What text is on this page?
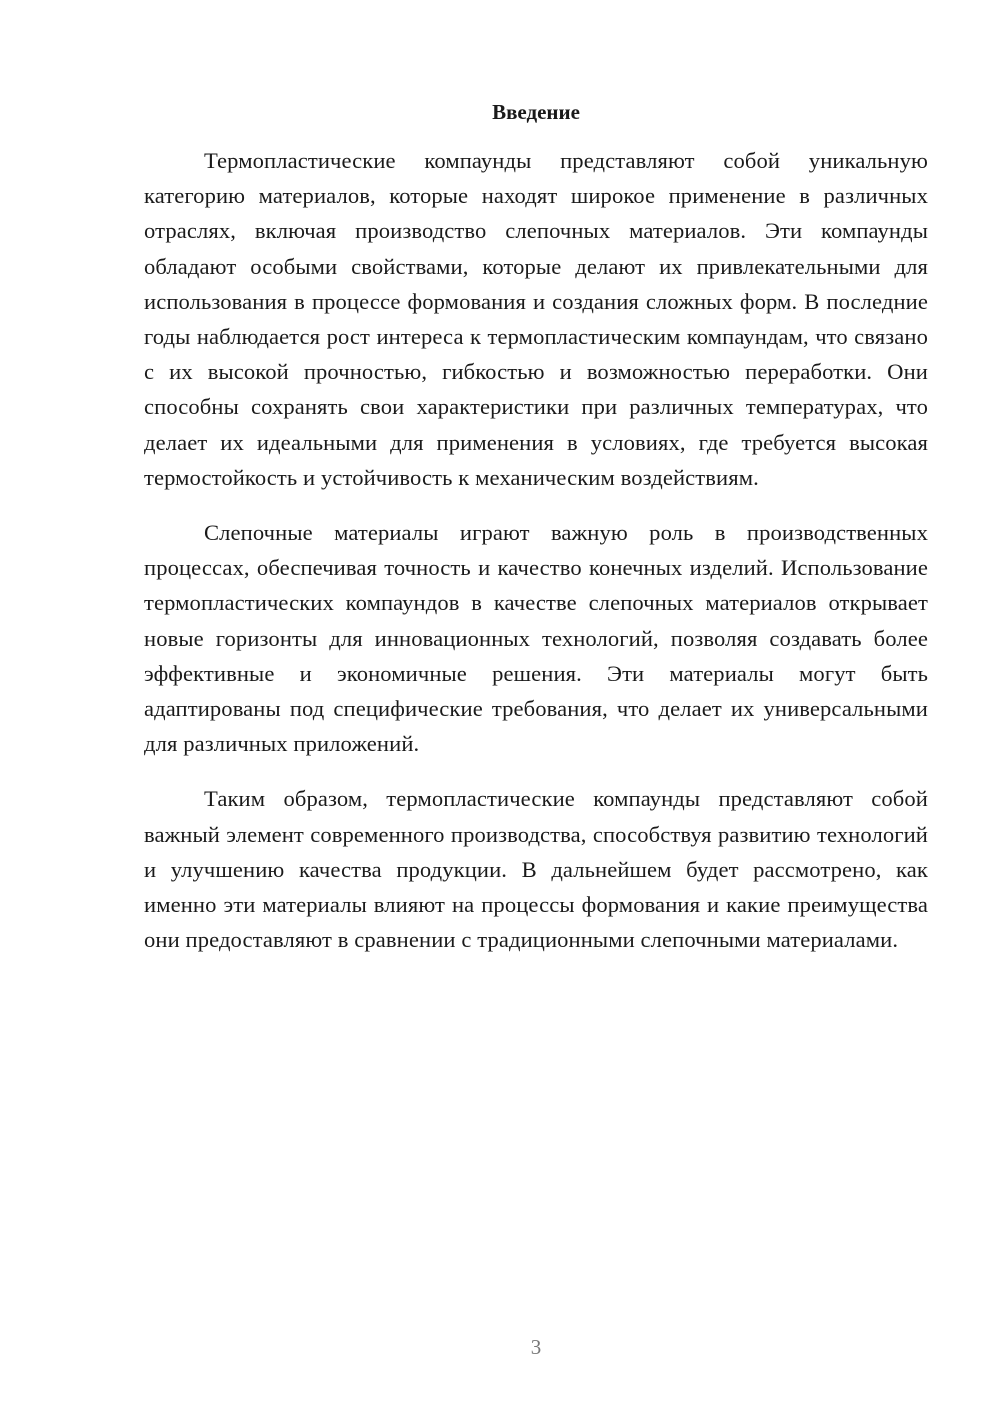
Введение

Термопластические компаунды представляют собой уникальную категорию материалов, которые находят широкое применение в различных отраслях, включая производство слепочных материалов. Эти компаунды обладают особыми свойствами, которые делают их привлекательными для использования в процессе формования и создания сложных форм. В последние годы наблюдается рост интереса к термопластическим компаундам, что связано с их высокой прочностью, гибкостью и возможностью переработки. Они способны сохранять свои характеристики при различных температурах, что делает их идеальными для применения в условиях, где требуется высокая термостойкость и устойчивость к механическим воздействиям.

Слепочные материалы играют важную роль в производственных процессах, обеспечивая точность и качество конечных изделий. Использование термопластических компаундов в качестве слепочных материалов открывает новые горизонты для инновационных технологий, позволяя создавать более эффективные и экономичные решения. Эти материалы могут быть адаптированы под специфические требования, что делает их универсальными для различных приложений.

Таким образом, термопластические компаунды представляют собой важный элемент современного производства, способствуя развитию технологий и улучшению качества продукции. В дальнейшем будет рассмотрено, как именно эти материалы влияют на процессы формования и какие преимущества они предоставляют в сравнении с традиционными слепочными материалами.

3
